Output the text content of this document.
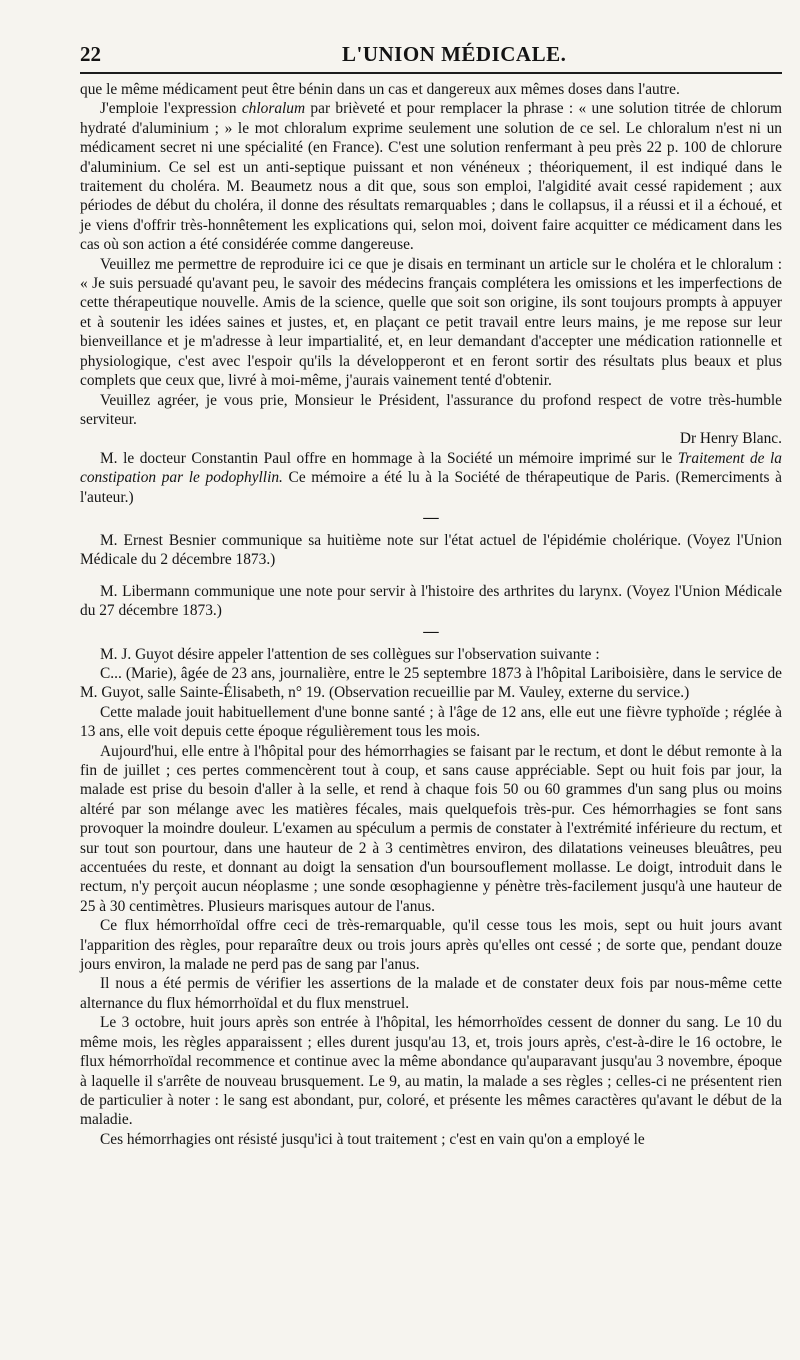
22	L'UNION MÉDICALE.

que le même médicament peut être bénin dans un cas et dangereux aux mêmes doses dans l'autre.

J'emploie l'expression chloralum par brièveté et pour remplacer la phrase : « une solution titrée de chlorum hydraté d'aluminium ; » le mot chloralum exprime seulement une solution de ce sel. Le chloralum n'est ni un médicament secret ni une spécialité (en France). C'est une solution renfermant à peu près 22 p. 100 de chlorure d'aluminium. Ce sel est un anti-septique puissant et non vénéneux ; théoriquement, il est indiqué dans le traitement du choléra. M. Beaumetz nous a dit que, sous son emploi, l'algidité avait cessé rapidement ; aux périodes de début du choléra, il donne des résultats remarquables ; dans le collapsus, il a réussi et il a échoué, et je viens d'offrir très-honnêtement les explications qui, selon moi, doivent faire acquitter ce médicament dans les cas où son action a été considérée comme dangereuse.

Veuillez me permettre de reproduire ici ce que je disais en terminant un article sur le choléra et le chloralum : « Je suis persuadé qu'avant peu, le savoir des médecins français complétera les omissions et les imperfections de cette thérapeutique nouvelle. Amis de la science, quelle que soit son origine, ils sont toujours prompts à appuyer et à soutenir les idées saines et justes, et, en plaçant ce petit travail entre leurs mains, je me repose sur leur bienveillance et je m'adresse à leur impartialité, et, en leur demandant d'accepter une médication rationnelle et physiologique, c'est avec l'espoir qu'ils la développeront et en feront sortir des résultats plus beaux et plus complets que ceux que, livré à moi-même, j'aurais vainement tenté d'obtenir.

Veuillez agréer, je vous prie, Monsieur le Président, l'assurance du profond respect de votre très-humble serviteur.

Dr Henry Blanc.

M. le docteur Constantin Paul offre en hommage à la Société un mémoire imprimé sur le Traitement de la constipation par le podophyllin. Ce mémoire a été lu à la Société de thérapeutique de Paris. (Remerciments à l'auteur.)

—

M. Ernest Besnier communique sa huitième note sur l'état actuel de l'épidémie cholérique. (Voyez l'Union Médicale du 2 décembre 1873.)

M. Libermann communique une note pour servir à l'histoire des arthrites du larynx. (Voyez l'Union Médicale du 27 décembre 1873.)

—

M. J. Guyot désire appeler l'attention de ses collègues sur l'observation suivante :

C... (Marie), âgée de 23 ans, journalière, entre le 25 septembre 1873 à l'hôpital Lariboisière, dans le service de M. Guyot, salle Sainte-Élisabeth, n° 19. (Observation recueillie par M. Vauley, externe du service.)

Cette malade jouit habituellement d'une bonne santé ; à l'âge de 12 ans, elle eut une fièvre typhoïde ; réglée à 13 ans, elle voit depuis cette époque régulièrement tous les mois.

Aujourd'hui, elle entre à l'hôpital pour des hémorrhagies se faisant par le rectum, et dont le début remonte à la fin de juillet ; ces pertes commencèrent tout à coup, et sans cause appréciable. Sept ou huit fois par jour, la malade est prise du besoin d'aller à la selle, et rend à chaque fois 50 ou 60 grammes d'un sang plus ou moins altéré par son mélange avec les matières fécales, mais quelquefois très-pur. Ces hémorrhagies se font sans provoquer la moindre douleur. L'examen au spéculum a permis de constater à l'extrémité inférieure du rectum, et sur tout son pourtour, dans une hauteur de 2 à 3 centimètres environ, des dilatations veineuses bleuâtres, peu accentuées du reste, et donnant au doigt la sensation d'un boursouflement mollasse. Le doigt, introduit dans le rectum, n'y perçoit aucun néoplasme ; une sonde œsophagienne y pénètre très-facilement jusqu'à une hauteur de 25 à 30 centimètres. Plusieurs marisques autour de l'anus.

Ce flux hémorrhoïdal offre ceci de très-remarquable, qu'il cesse tous les mois, sept ou huit jours avant l'apparition des règles, pour reparaître deux ou trois jours après qu'elles ont cessé ; de sorte que, pendant douze jours environ, la malade ne perd pas de sang par l'anus.

Il nous a été permis de vérifier les assertions de la malade et de constater deux fois par nous-même cette alternance du flux hémorrhoïdal et du flux menstruel.

Le 3 octobre, huit jours après son entrée à l'hôpital, les hémorrhoïdes cessent de donner du sang. Le 10 du même mois, les règles apparaissent ; elles durent jusqu'au 13, et, trois jours après, c'est-à-dire le 16 octobre, le flux hémorrhoïdal recommence et continue avec la même abondance qu'auparavant jusqu'au 3 novembre, époque à laquelle il s'arrête de nouveau brusquement. Le 9, au matin, la malade a ses règles ; celles-ci ne présentent rien de particulier à noter : le sang est abondant, pur, coloré, et présente les mêmes caractères qu'avant le début de la maladie.

Ces hémorrhagies ont résisté jusqu'ici à tout traitement ; c'est en vain qu'on a employé le
